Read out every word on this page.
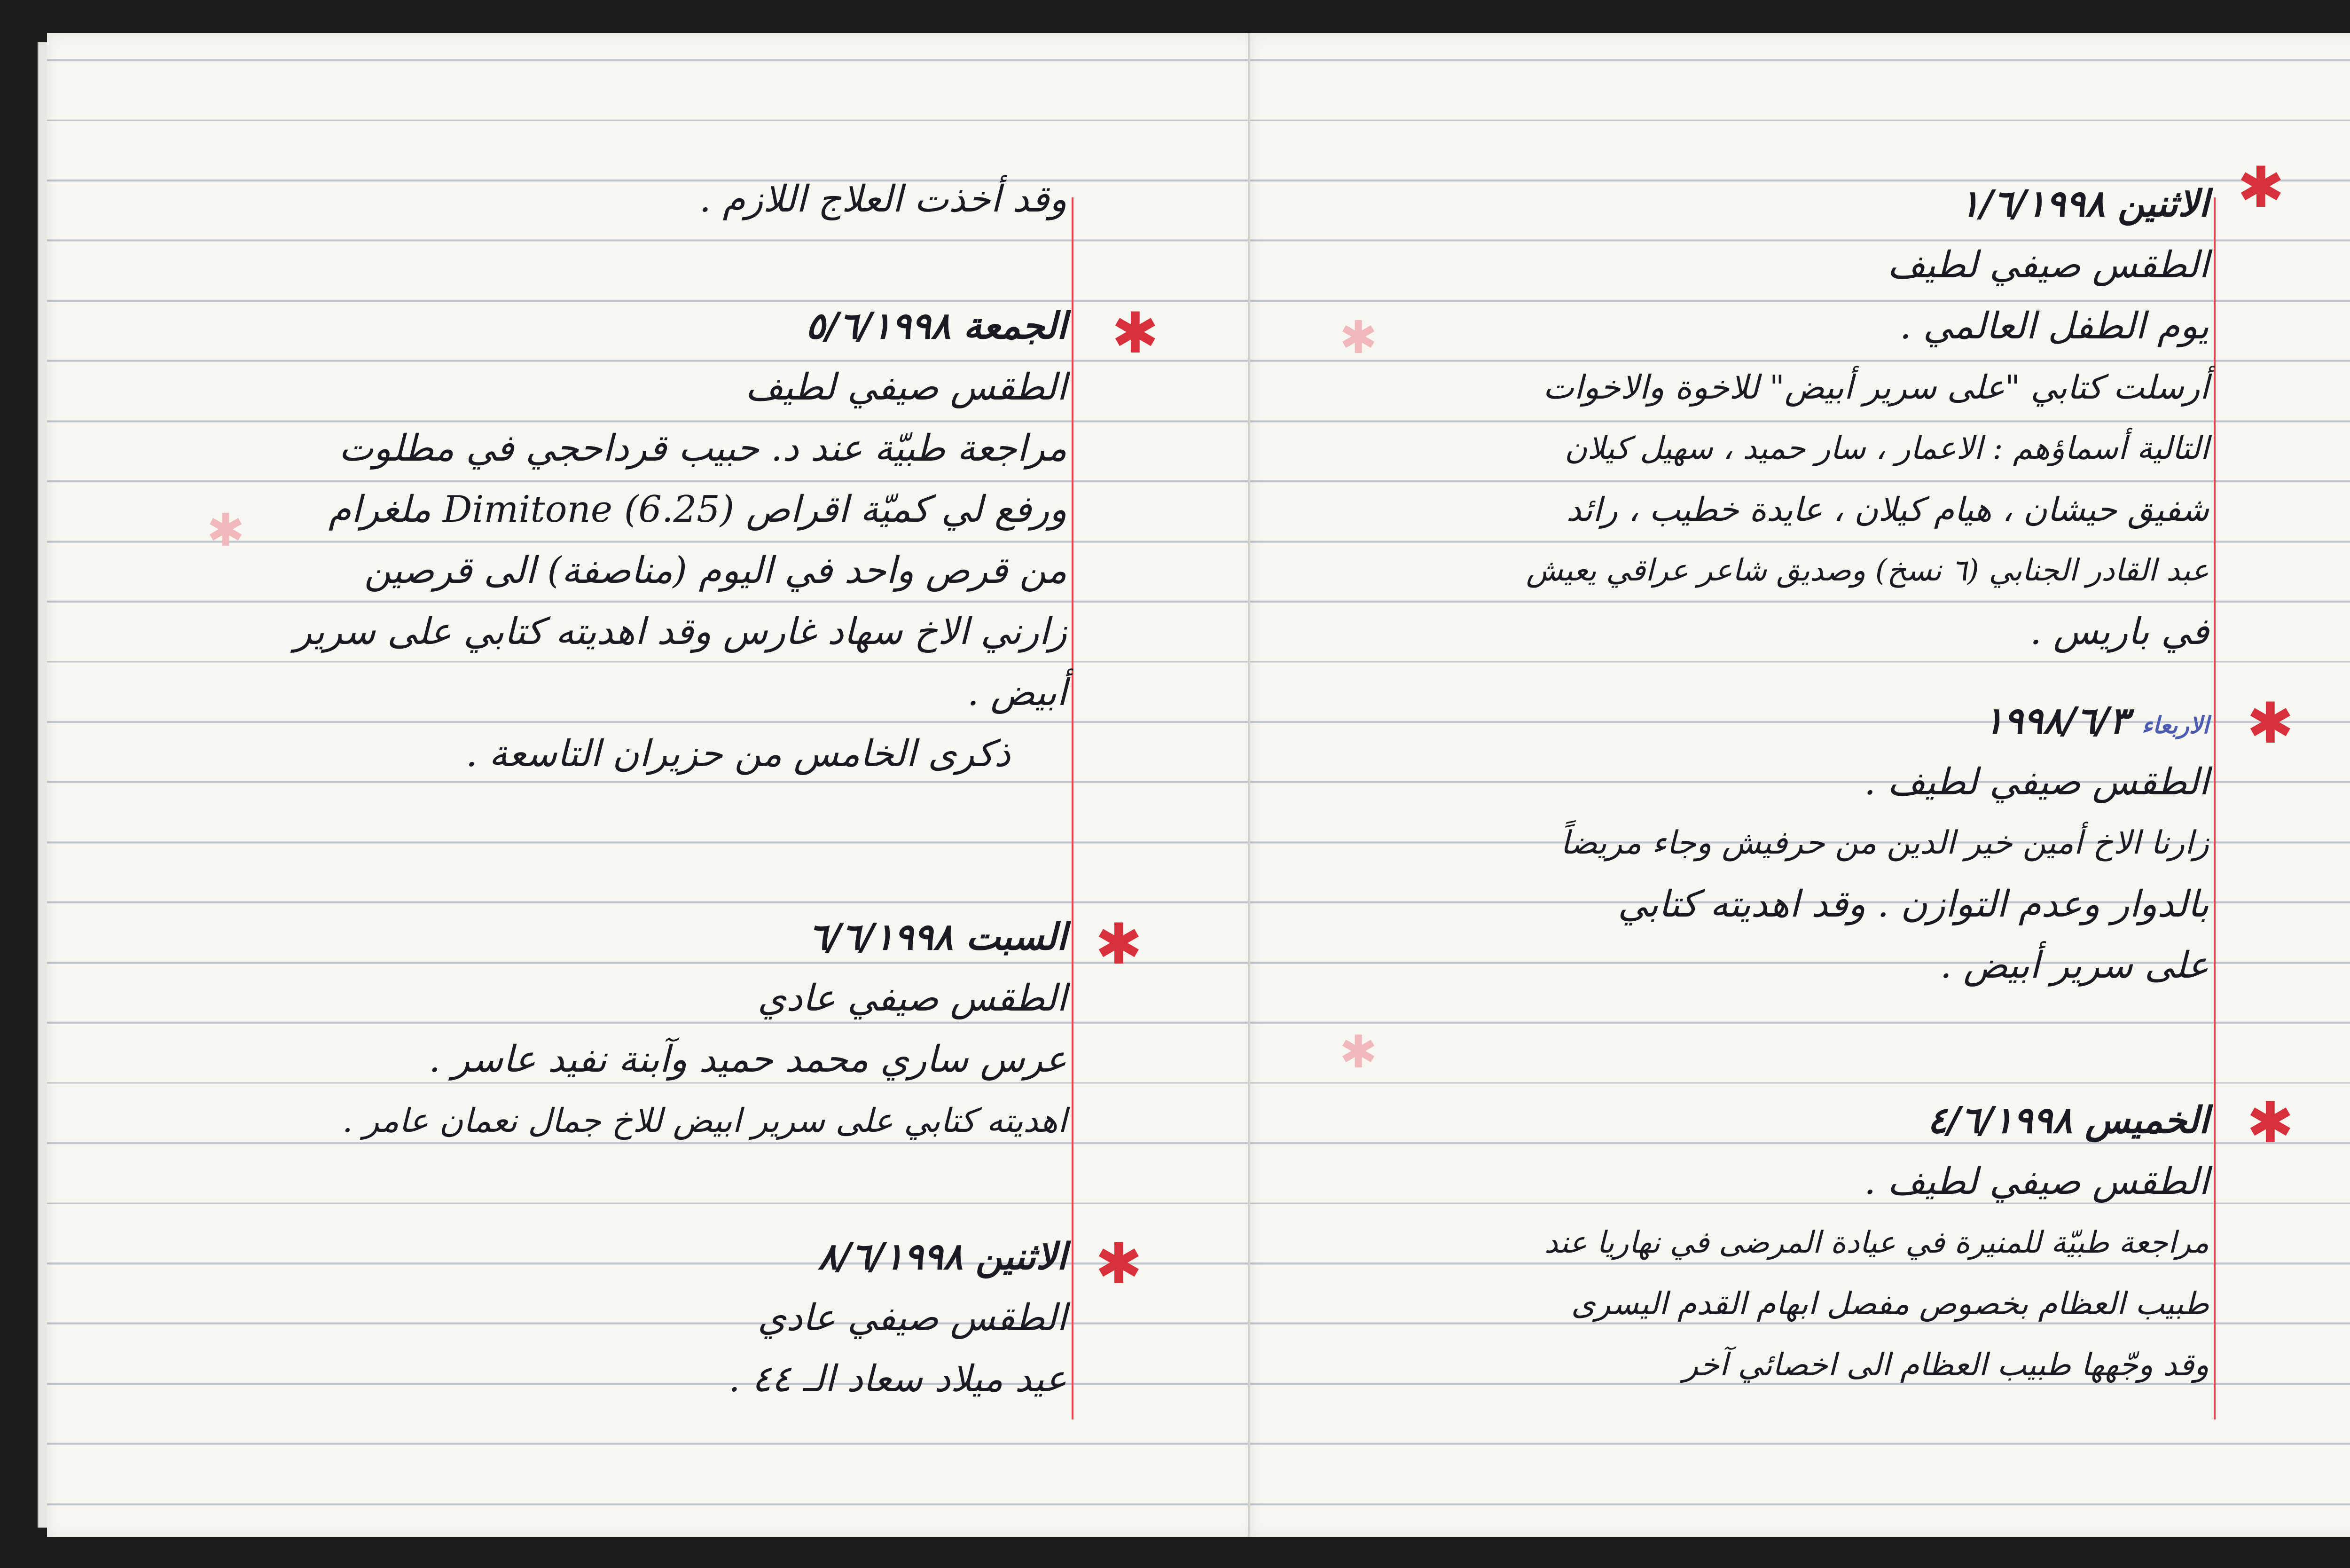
✱
✱
✱
✱
وقد أخذت العلاج اللازم .
الجمعة ٥/٦/١٩٩٨
الطقس صيفي لطيف
مراجعة طبيّة عند د. حبيب قرداحجي في مطلوت
ورفع لي كميّة اقراص Dimitone (6.25) ملغرام
من قرص واحد في اليوم (مناصفة) الى قرصين
زارني الاخ سهاد غارس وقد اهديته كتابي على سرير
أبيض .
ذكرى الخامس من حزيران التاسعة .
السبت ٦/٦/١٩٩٨
الطقس صيفي عادي
عرس ساري محمد حميد وآبنة نفيد عاسر .
اهديته كتابي على سرير ابيض للاخ جمال نعمان عامر .
الاثنين ٨/٦/١٩٩٨
الطقس صيفي عادي
عيد ميلاد سعاد الـ ٤٤ .
✱
✱
✱
✱
✱
الاثنين ١/٦/١٩٩٨
الطقس صيفي لطيف
يوم الطفل العالمي .
أرسلت كتابي "على سرير أبيض" للاخوة والاخوات
التالية أسماؤهم : الاعمار ، سار حميد ، سهيل كيلان
شفيق حيشان ، هيام كيلان ، عايدة خطيب ، رائد
عبد القادر الجنابي (٦ نسخ) وصديق شاعر عراقي يعيش
في باريس .
الاربعاء ١٩٩٨/٦/٣
الطقس صيفي لطيف .
زارنا الاخ أمين خير الدين من حرفيش وجاء مريضاً
بالدوار وعدم التوازن . وقد اهديته كتابي
على سرير أبيض .
الخميس ٤/٦/١٩٩٨
الطقس صيفي لطيف .
مراجعة طبيّة للمنيرة في عيادة المرضى في نهاريا عند
طبيب العظام بخصوص مفصل ابهام القدم اليسرى
وقد وجّهها طبيب العظام الى اخصائي آخر
